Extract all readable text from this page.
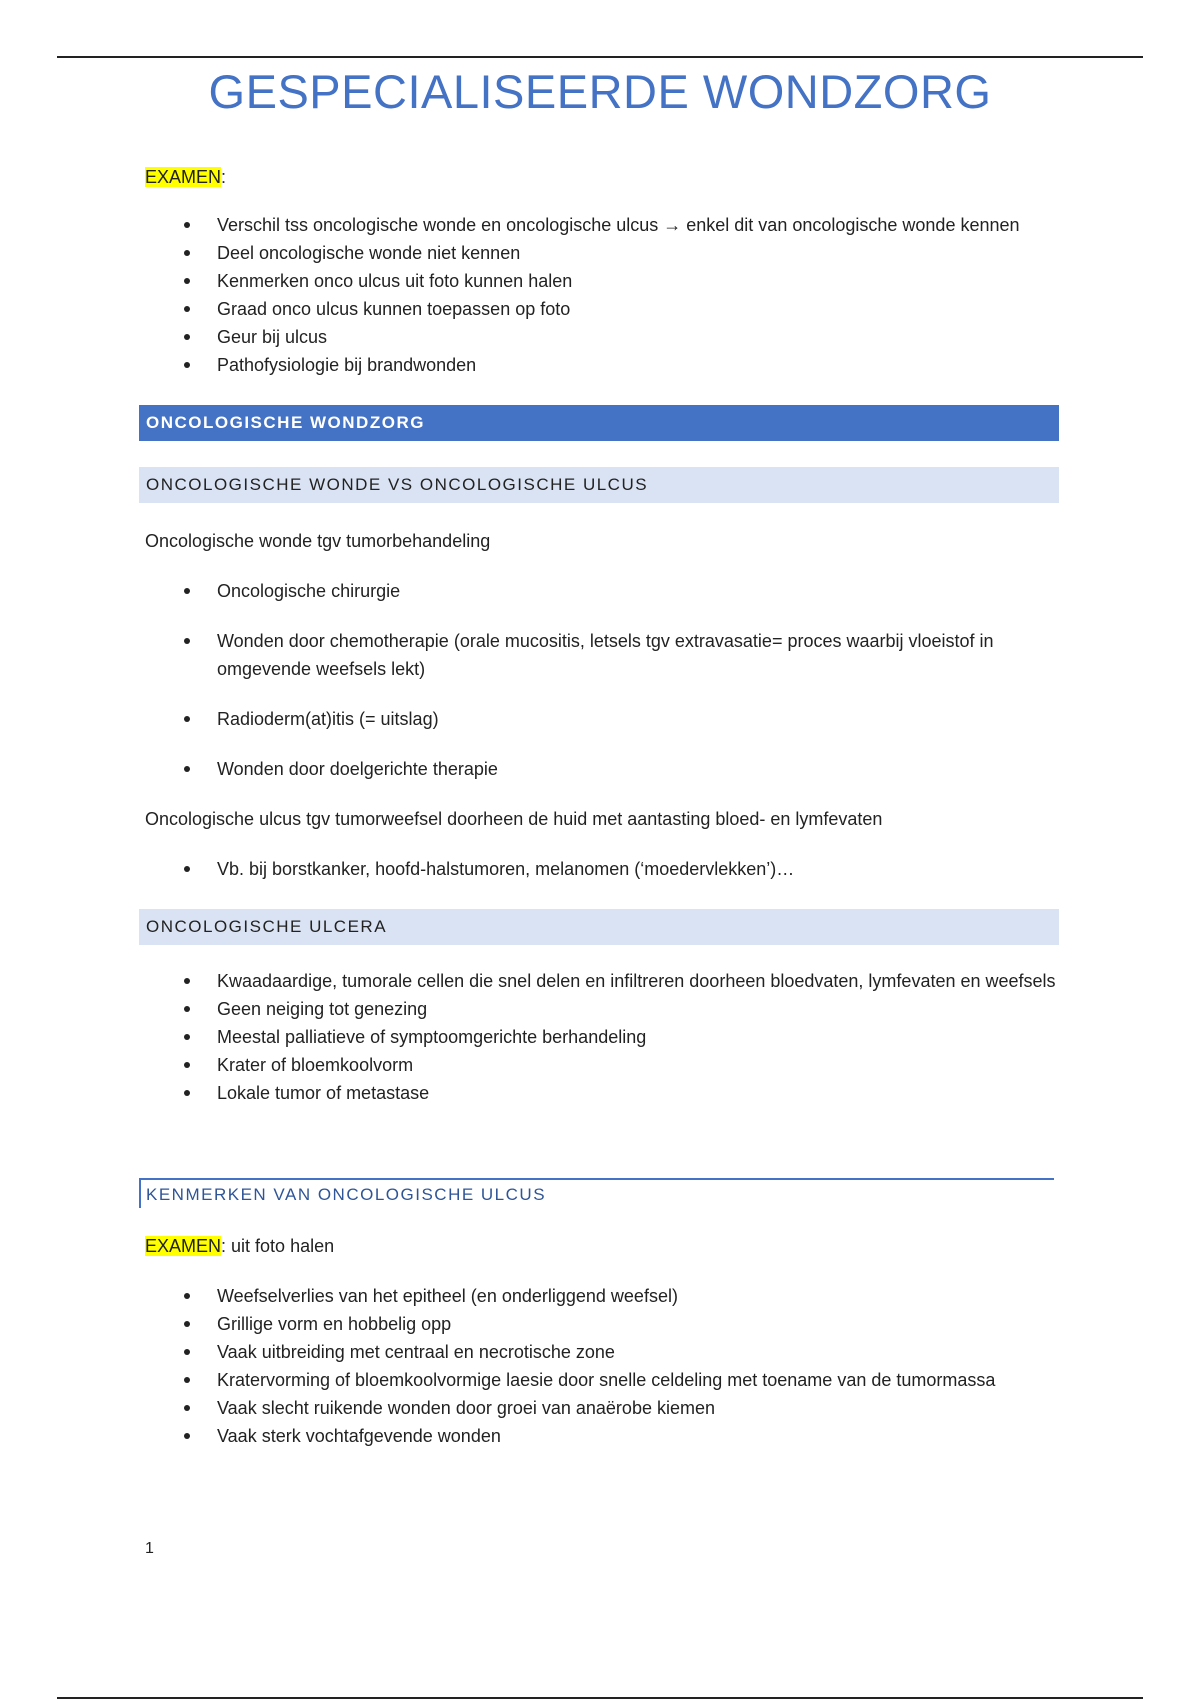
GESPECIALISEERDE WONDZORG
EXAMEN:
Verschil tss oncologische wonde en oncologische ulcus → enkel dit van oncologische wonde kennen
Deel oncologische wonde niet kennen
Kenmerken onco ulcus uit foto kunnen halen
Graad onco ulcus kunnen toepassen op foto
Geur bij ulcus
Pathofysiologie bij brandwonden
ONCOLOGISCHE WONDZORG
ONCOLOGISCHE WONDE VS ONCOLOGISCHE ULCUS
Oncologische wonde tgv tumorbehandeling
Oncologische chirurgie
Wonden door chemotherapie (orale mucositis, letsels tgv extravasatie= proces waarbij vloeistof in omgevende weefsels lekt)
Radioderm(at)itis (= uitslag)
Wonden door doelgerichte therapie
Oncologische ulcus tgv tumorweefsel doorheen de huid met aantasting bloed- en lymfevaten
Vb. bij borstkanker, hoofd-halstumoren, melanomen (‘moedervlekken’)…
ONCOLOGISCHE ULCERA
Kwaadaardige, tumorale cellen die snel delen en infiltreren doorheen bloedvaten, lymfevaten en weefsels
Geen neiging tot genezing
Meestal palliatieve of symptoomgerichte berhandeling
Krater of bloemkoolvorm
Lokale tumor of metastase
KENMERKEN VAN ONCOLOGISCHE ULCUS
EXAMEN: uit foto halen
Weefselverlies van het epitheel (en onderliggend weefsel)
Grillige vorm en hobbelig opp
Vaak uitbreiding met centraal en necrotische zone
Kratervorming of bloemkoolvormige laesie door snelle celdeling met toename van de tumormassa
Vaak slecht ruikende wonden door groei van anaërobe kiemen
Vaak sterk vochtafgevende wonden
1
